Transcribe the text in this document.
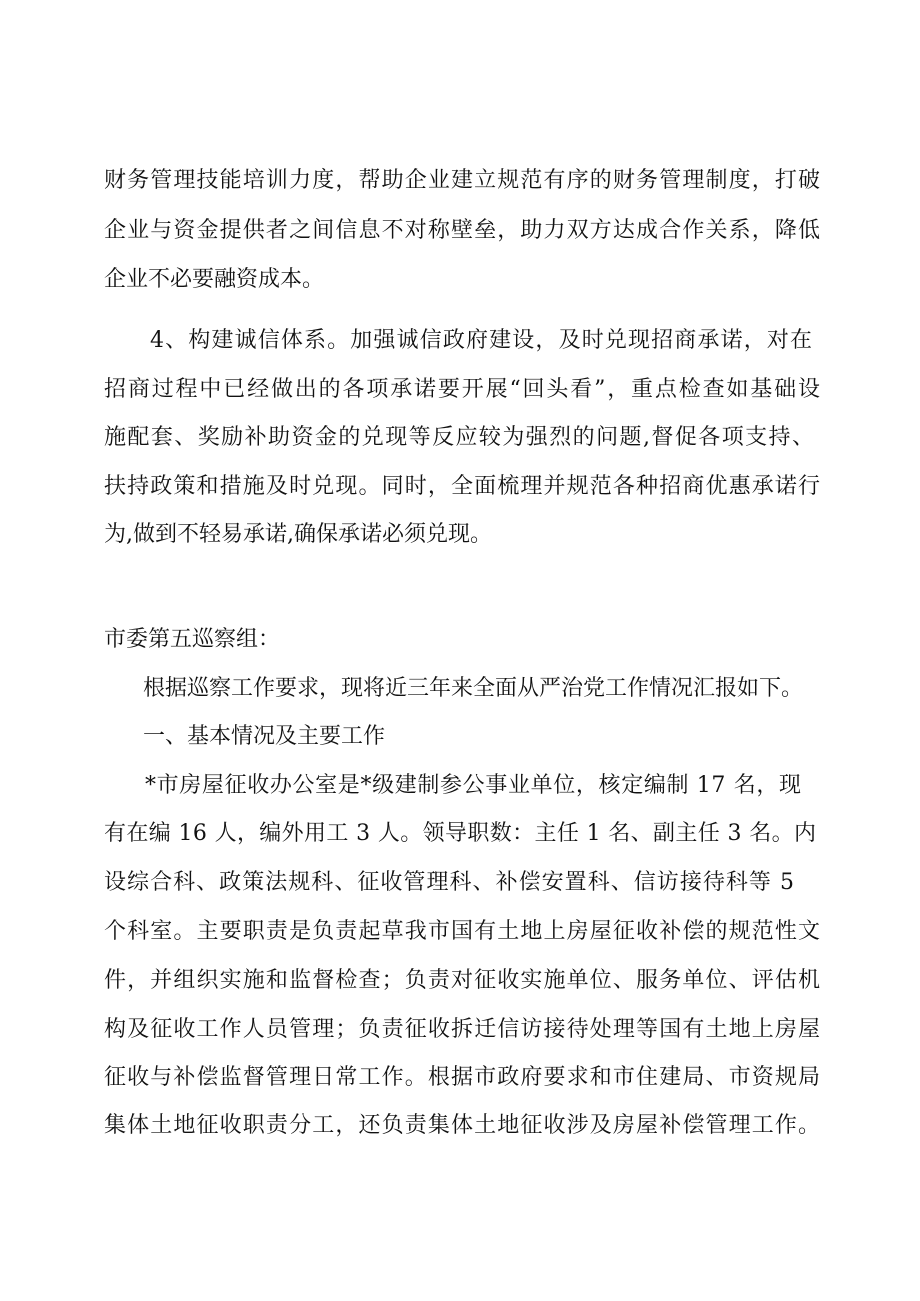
财务管理技能培训力度，帮助企业建立规范有序的财务管理制度，打破
企业与资金提供者之间信息不对称壁垒，助力双方达成合作关系，降低
企业不必要融资成本。
4、构建诚信体系。加强诚信政府建设，及时兑现招商承诺，对在
招商过程中已经做出的各项承诺要开展“回头看”，重点检查如基础设
施配套、奖励补助资金的兑现等反应较为强烈的问题,督促各项支持、
扶持政策和措施及时兑现。同时，全面梳理并规范各种招商优惠承诺行
为,做到不轻易承诺,确保承诺必须兑现。
市委第五巡察组：
根据巡察工作要求，现将近三年来全面从严治党工作情况汇报如下。
一、基本情况及主要工作
*市房屋征收办公室是*级建制参公事业单位，核定编制 17 名，现
有在编 16 人，编外用工 3 人。领导职数：主任 1 名、副主任 3 名。内
设综合科、政策法规科、征收管理科、补偿安置科、信访接待科等 5
个科室。主要职责是负责起草我市国有土地上房屋征收补偿的规范性文
件，并组织实施和监督检查；负责对征收实施单位、服务单位、评估机
构及征收工作人员管理；负责征收拆迁信访接待处理等国有土地上房屋
征收与补偿监督管理日常工作。根据市政府要求和市住建局、市资规局
集体土地征收职责分工，还负责集体土地征收涉及房屋补偿管理工作。
